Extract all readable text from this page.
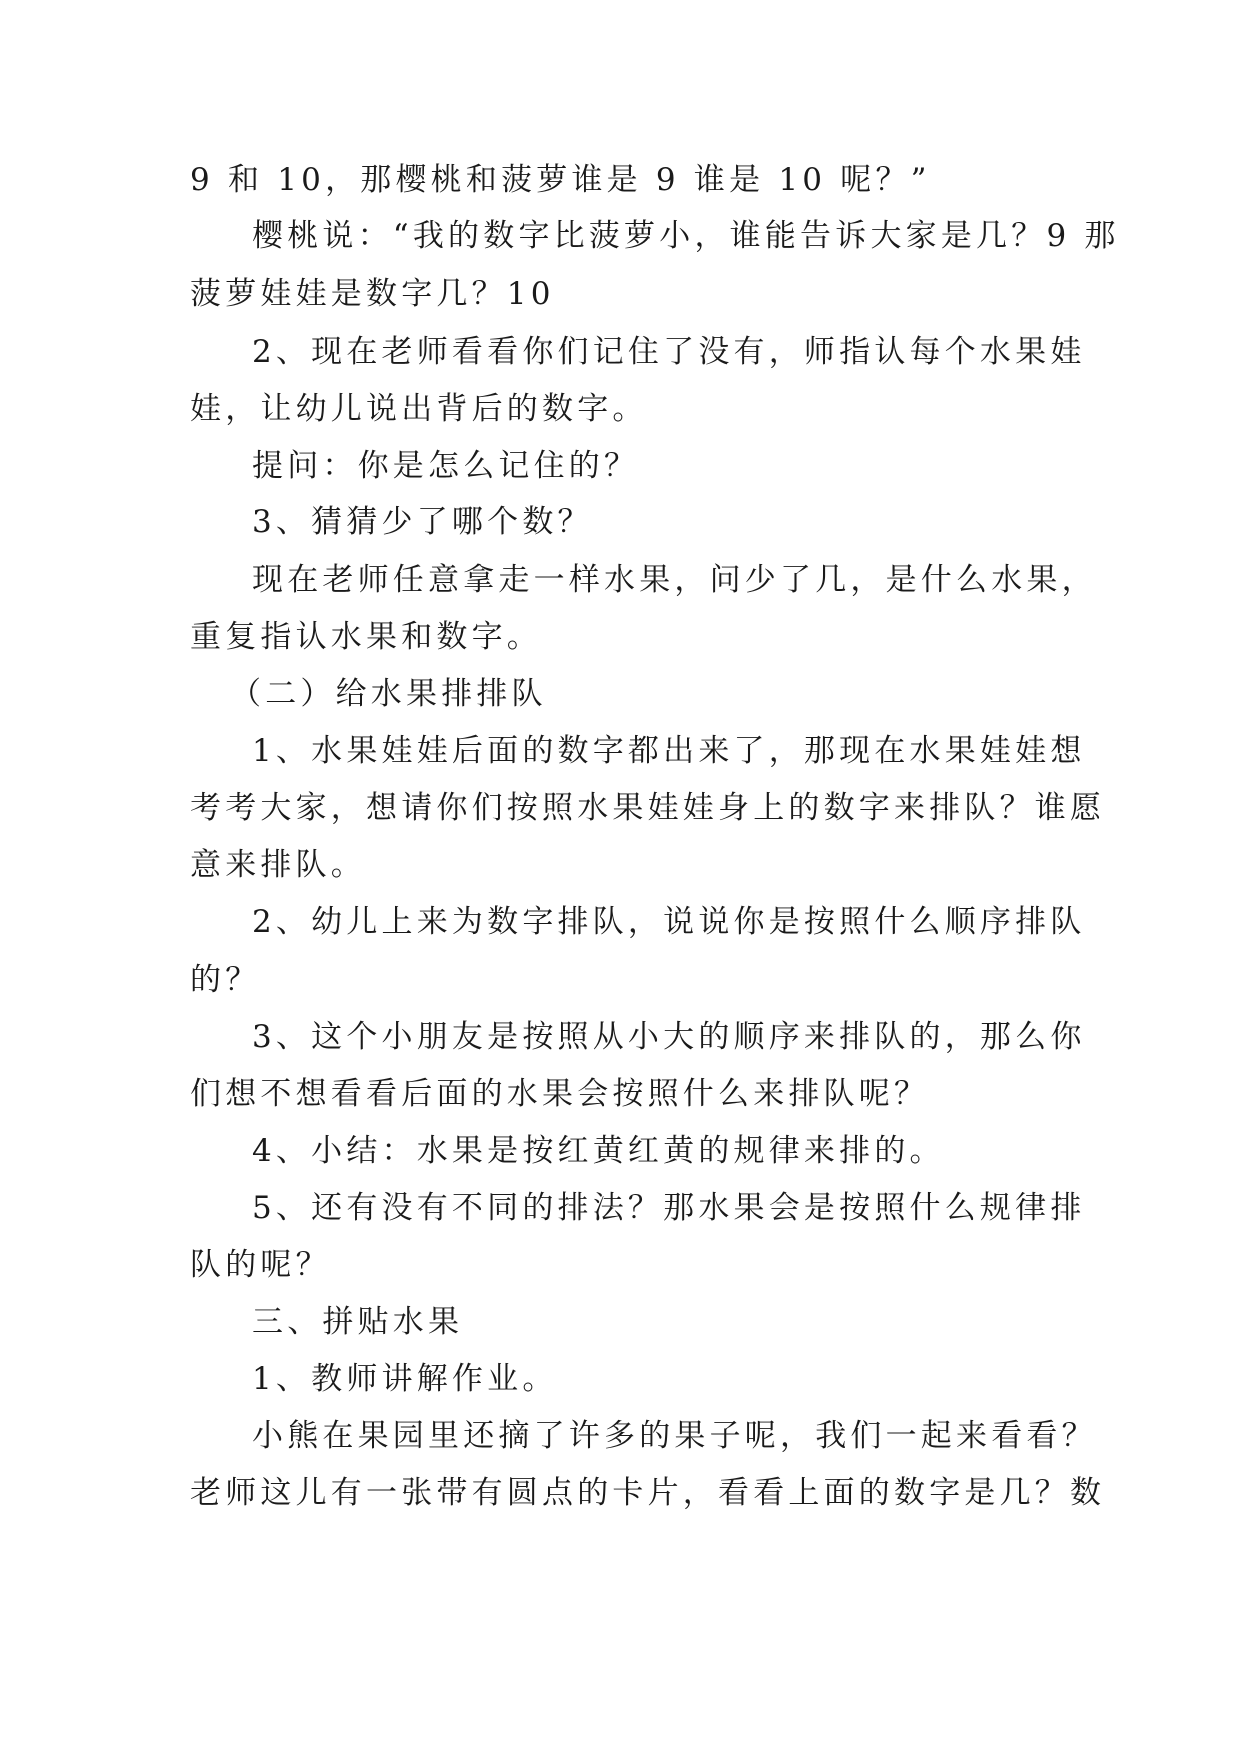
9 和 10，那樱桃和菠萝谁是 9 谁是 10 呢？”
樱桃说：“我的数字比菠萝小，谁能告诉大家是几？9 那
菠萝娃娃是数字几？10
2、现在老师看看你们记住了没有，师指认每个水果娃
娃，让幼儿说出背后的数字。
提问：你是怎么记住的？
3、猜猜少了哪个数？
现在老师任意拿走一样水果，问少了几，是什么水果，
重复指认水果和数字。
（二）给水果排排队
1、水果娃娃后面的数字都出来了，那现在水果娃娃想
考考大家，想请你们按照水果娃娃身上的数字来排队？谁愿
意来排队。
2、幼儿上来为数字排队，说说你是按照什么顺序排队
的？
3、这个小朋友是按照从小大的顺序来排队的，那么你
们想不想看看后面的水果会按照什么来排队呢？
4、小结：水果是按红黄红黄的规律来排的。
5、还有没有不同的排法？那水果会是按照什么规律排
队的呢？
三、拼贴水果
1、教师讲解作业。
小熊在果园里还摘了许多的果子呢，我们一起来看看？
老师这儿有一张带有圆点的卡片，看看上面的数字是几？数
